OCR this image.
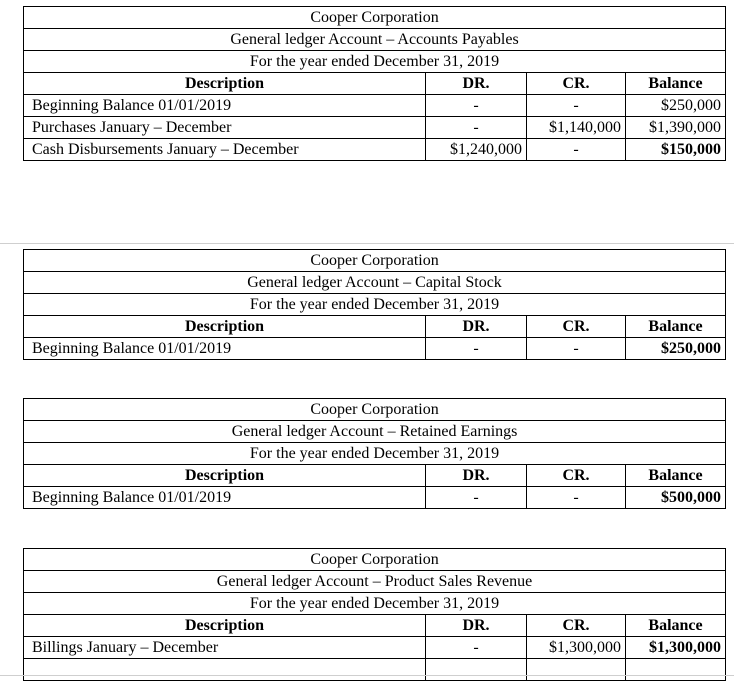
Cooper Corporation			
General ledger Account – Accounts Payables			
For the year ended December 31, 2019			
Description	DR.	CR.	Balance
Beginning Balance 01/01/2019	-	-	$250,000
Purchases January – December	-	$1,140,000	$1,390,000
Cash Disbursements January – December	$1,240,000	-	$150,000
Cooper Corporation			
General ledger Account – Capital Stock			
For the year ended December 31, 2019			
Description	DR.	CR.	Balance
Beginning Balance 01/01/2019	-	-	$250,000
Cooper Corporation			
General ledger Account – Retained Earnings			
For the year ended December 31, 2019			
Description	DR.	CR.	Balance
Beginning Balance 01/01/2019	-	-	$500,000
Cooper Corporation			
General ledger Account – Product Sales Revenue			
For the year ended December 31, 2019			
Description	DR.	CR.	Balance
Billings January – December	-	$1,300,000	$1,300,000
